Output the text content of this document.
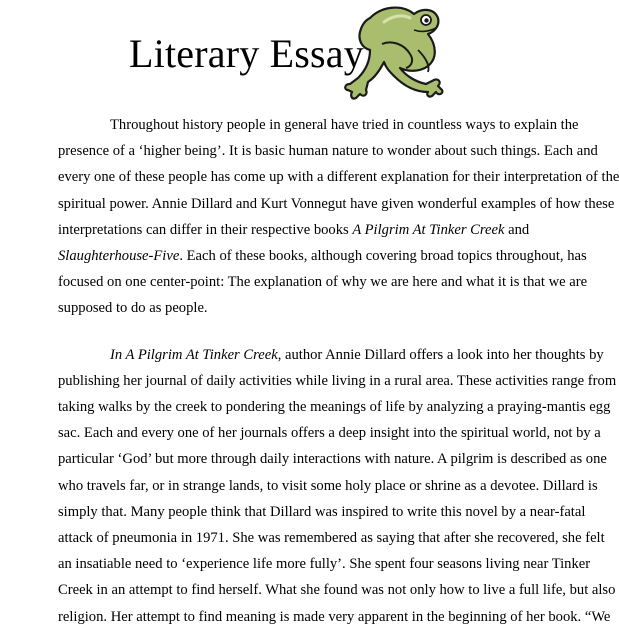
Literary Essay
Throughout history people in general have tried in countless ways to explain the
presence of a ‘higher being’. It is basic human nature to wonder about such things. Each and
every one of these people has come up with a different explanation for their interpretation of the
spiritual power. Annie Dillard and Kurt Vonnegut have given wonderful examples of how these
interpretations can differ in their respective books A Pilgrim At Tinker Creek and
Slaughterhouse-Five. Each of these books, although covering broad topics throughout, has
focused on one center-point: The explanation of why we are here and what it is that we are
supposed to do as people.
In A Pilgrim At Tinker Creek, author Annie Dillard offers a look into her thoughts by
publishing her journal of daily activities while living in a rural area. These activities range from
taking walks by the creek to pondering the meanings of life by analyzing a praying-mantis egg
sac. Each and every one of her journals offers a deep insight into the spiritual world, not by a
particular ‘God’ but more through daily interactions with nature. A pilgrim is described as one
who travels far, or in strange lands, to visit some holy place or shrine as a devotee. Dillard is
simply that. Many people think that Dillard was inspired to write this novel by a near-fatal
attack of pneumonia in 1971. She was remembered as saying that after she recovered, she felt
an insatiable need to ‘experience life more fully’. She spent four seasons living near Tinker
Creek in an attempt to find herself. What she found was not only how to live a full life, but also
religion. Her attempt to find meaning is made very apparent in the beginning of her book. “We
